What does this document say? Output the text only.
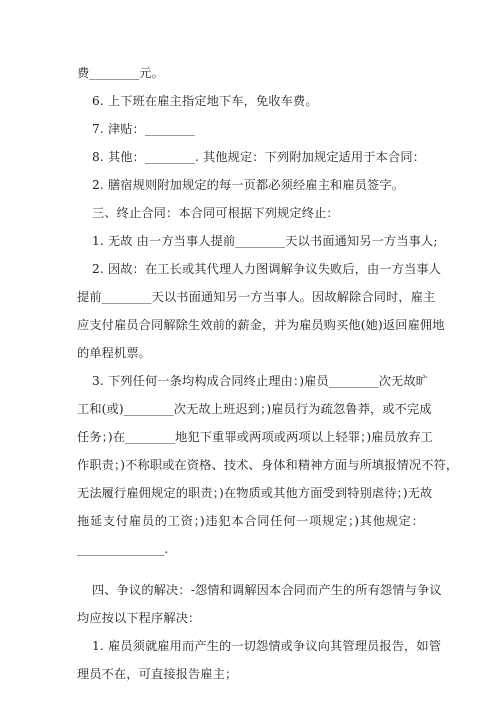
费________元。
6. 上下班在雇主指定地下车，免收车费。
7. 津贴：________
8. 其他：________. 其他规定：下列附加规定适用于本合同：
2. 膳宿规则附加规定的每一页都必须经雇主和雇员签字。
三、终止合同：本合同可根据下列规定终止：
1. 无故 由一方当事人提前________天以书面通知另一方当事人;
2. 因故：在工长或其代理人力图调解争议失败后，由一方当事人
提前________天以书面通知另一方当事人。因故解除合同时，雇主
应支付雇员合同解除生效前的薪金，并为雇员购买他(她)返回雇佣地
的单程机票。
3. 下列任何一条均构成合同终止理由：)雇员________次无故旷
工和(或)________次无故上班迟到；)雇员行为疏忽鲁莽，或不完成
任务；)在________地犯下重罪或两项或两项以上轻罪；)雇员放弃工
作职责；)不称职或在资格、技术、身体和精神方面与所填报情况不符，
无法履行雇佣规定的职责；)在物质或其他方面受到特别虐待；)无故
拖延支付雇员的工资；)违犯本合同任何一项规定；)其他规定：
______________.
四、争议的解决：-怨情和调解因本合同而产生的所有怨情与争议
均应按以下程序解决：
1. 雇员须就雇用而产生的一切怨情或争议向其管理员报告，如管
理员不在，可直接报告雇主；
